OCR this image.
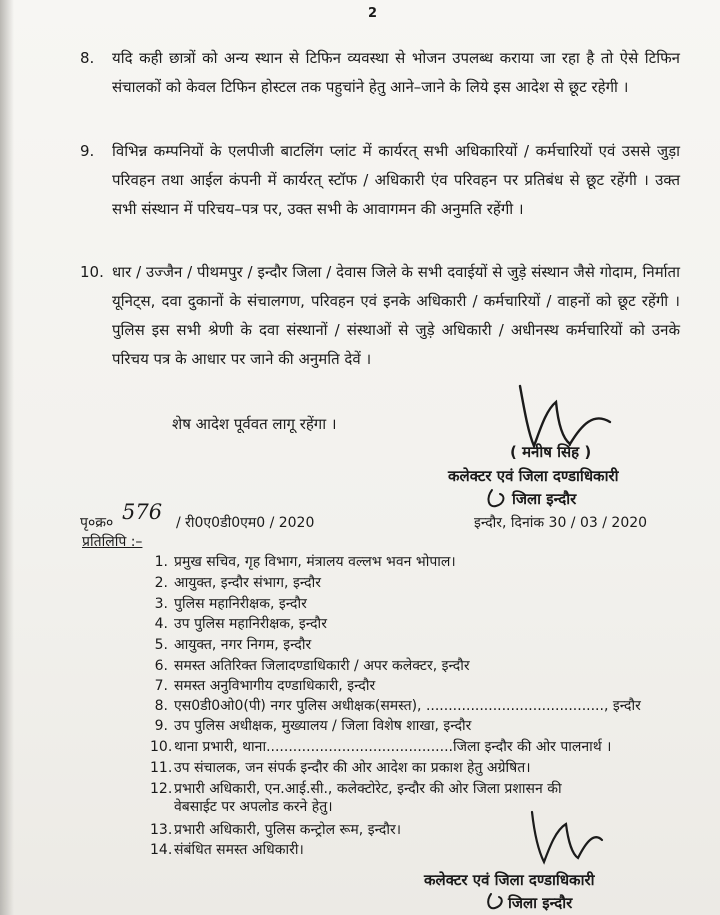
2
8.	यदि कही छात्रों को अन्य स्थान से टिफिन व्यवस्था से भोजन उपलब्ध कराया जा रहा है तो ऐसे टिफिन संचालकों को केवल टिफिन होस्टल तक पहुचांने हेतु आने–जाने के लिये इस आदेश से छूट रहेगी ।
9.	विभिन्न कम्पनियों के एलपीजी बाटलिंग प्लांट में कार्यरत् सभी अधिकारियों / कर्मचारियों एवं उससे जुड़ा परिवहन तथा आईल कंपनी में कार्यरत् स्टॉफ / अधिकारी एंव परिवहन पर प्रतिबंध से छूट रहेंगी । उक्त सभी संस्थान में परिचय–पत्र पर, उक्त सभी के आवागमन की अनुमति रहेंगी ।
10. धार / उज्जैन / पीथमपुर / इन्दौर जिला / देवास जिले के सभी दवाईयों से जुड़े संस्थान जैसे गोदाम, निर्माता यूनिट्स, दवा दुकानों के संचालगण, परिवहन एवं इनके अधिकारी / कर्मचारियों / वाहनों को छूट रहेंगी । पुलिस इस सभी श्रेणी के दवा संस्थानों / संस्थाओं से जुड़े अधिकारी / अधीनस्थ कर्मचारियों को उनके परिचय पत्र के आधार पर जाने की अनुमति देवें ।
शेष आदेश पूर्ववत लागू रहेंगा ।
( मनीष सिंह )
कलेक्टर एवं जिला दण्डाधिकारी
जिला इन्दौर
पृ०क्र० 576 / री0ए0डी0एम0 / 2020	इन्दौर, दिनांक 30 / 03 / 2020
प्रतिलिपि :–
1. प्रमुख सचिव, गृह विभाग, मंत्रालय वल्लभ भवन भोपाल।
2. आयुक्त, इन्दौर संभाग, इन्दौर
3. पुलिस महानिरीक्षक, इन्दौर
4. उप पुलिस महानिरीक्षक, इन्दौर
5. आयुक्त, नगर निगम, इन्दौर
6. समस्त अतिरिक्त जिलादण्डाधिकारी / अपर कलेक्टर, इन्दौर
7. समस्त अनुविभागीय दण्डाधिकारी, इन्दौर
8. एस0डी0ओ0(पी) नगर पुलिस अधीक्षक(समस्त), ........................................, इन्दौर
9. उप पुलिस अधीक्षक, मुख्यालय / जिला विशेष शाखा, इन्दौर
10. थाना प्रभारी, थाना..........................................जिला इन्दौर की ओर पालनार्थ ।
11. उप संचालक, जन संपर्क इन्दौर की ओर आदेश का प्रकाश हेतु अग्रेषित।
12. प्रभारी अधिकारी, एन.आई.सी., कलेक्टोरेट, इन्दौर की ओर जिला प्रशासन की
वेबसाईट पर अपलोड करने हेतु।
13. प्रभारी अधिकारी, पुलिस कन्ट्रोल रूम, इन्दौर।
14. संबंधित समस्त अधिकारी।
कलेक्टर एवं जिला दण्डाधिकारी
जिला इन्दौर
